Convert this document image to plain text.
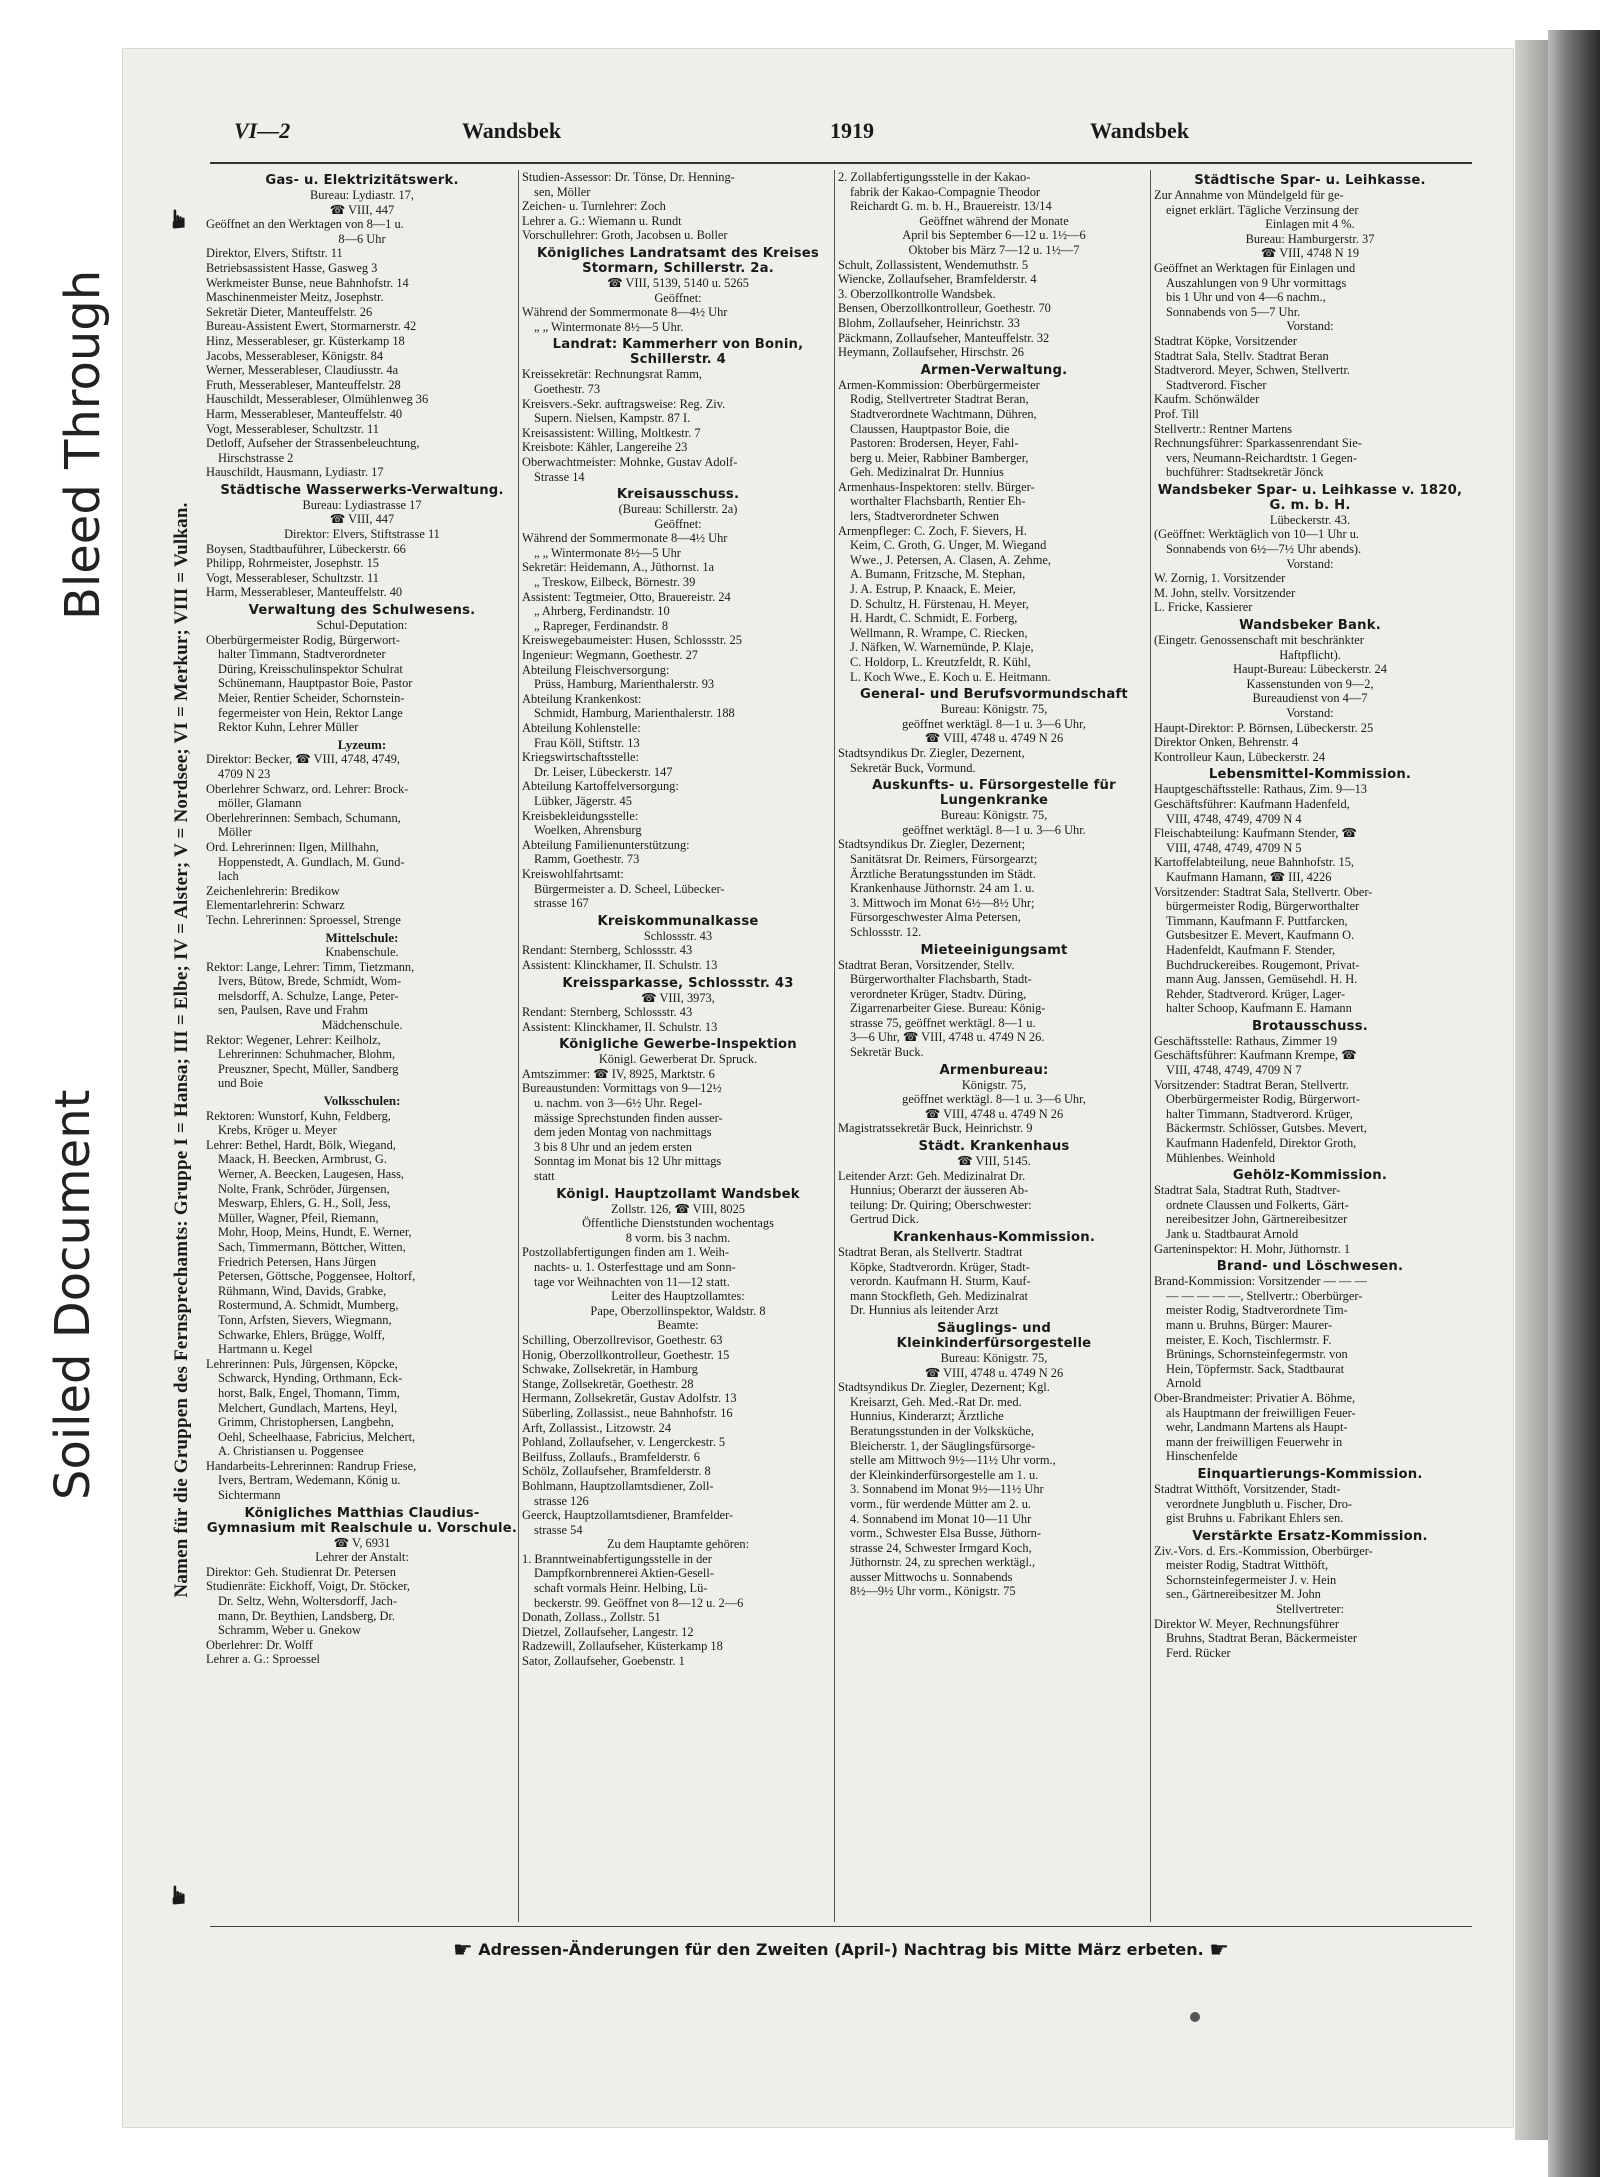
Bleed Through
Soiled Document	Namen für die Gruppen des Fernsprechamts: Gruppe I = Hansa; III = Elbe; IV = Alster; V = Nordsee; VI = Merkur; VIII = Vulkan.
☛
☛
VI—2	Wandsbek	1919	Wandsbek
Gas- u. Elektrizitätswerk.
Bureau: Lydiastr. 17,
☎ VIII, 447
Geöffnet an den Werktagen von 8—1 u.
8—6 Uhr
Direktor, Elvers, Stiftstr. 11
Betriebsassistent Hasse, Gasweg 3
Werkmeister Bunse, neue Bahnhofstr. 14
Maschinenmeister Meitz, Josephstr.
Sekretär Dieter, Manteuffelstr. 26
Bureau-Assistent Ewert, Stormarnerstr. 42
Hinz, Messerableser, gr. Küsterkamp 18
Jacobs, Messerableser, Königstr. 84
Werner, Messerableser, Claudiusstr. 4a
Fruth, Messerableser, Manteuffelstr. 28
Hauschildt, Messerableser, Olmühlenweg 36
Harm, Messerableser, Manteuffelstr. 40
Vogt, Messerableser, Schultzstr. 11
Detloff, Aufseher der Strassenbeleuchtung,
Hirschstrasse 2
Hauschildt, Hausmann, Lydiastr. 17
Städtische Wasserwerks-Verwaltung.
Bureau: Lydiastrasse 17
☎ VIII, 447
Direktor: Elvers, Stiftstrasse 11
Boysen, Stadtbauführer, Lübeckerstr. 66
Philipp, Rohrmeister, Josephstr. 15
Vogt, Messerableser, Schultzstr. 11
Harm, Messerableser, Manteuffelstr. 40
Verwaltung des Schulwesens.
Schul-Deputation:
Oberbürgermeister Rodig, Bürgerwort-
halter Timmann, Stadtverordneter
Düring, Kreisschulinspektor Schulrat
Schünemann, Hauptpastor Boie, Pastor
Meier, Rentier Scheider, Schornstein-
fegermeister von Hein, Rektor Lange
Rektor Kuhn, Lehrer Müller
Lyzeum:
Direktor: Becker, ☎ VIII, 4748, 4749,
4709 N 23
Oberlehrer Schwarz, ord. Lehrer: Brock-
möller, Glamann
Oberlehrerinnen: Sembach, Schumann,
Möller
Ord. Lehrerinnen: Ilgen, Millhahn,
Hoppenstedt, A. Gundlach, M. Gund-
lach
Zeichenlehrerin: Bredikow
Elementarlehrerin: Schwarz
Techn. Lehrerinnen: Sproessel, Strenge
Mittelschule:
Knabenschule.
Rektor: Lange, Lehrer: Timm, Tietzmann,
Ivers, Bütow, Brede, Schmidt, Wom-
melsdorff, A. Schulze, Lange, Peter-
sen, Paulsen, Rave und Frahm
Mädchenschule.
Rektor: Wegener, Lehrer: Keilholz,
Lehrerinnen: Schuhmacher, Blohm,
Preuszner, Specht, Müller, Sandberg
und Boie
Volksschulen:
Rektoren: Wunstorf, Kuhn, Feldberg,
Krebs, Kröger u. Meyer
Lehrer: Bethel, Hardt, Bölk, Wiegand,
Maack, H. Beecken, Armbrust, G.
Werner, A. Beecken, Laugesen, Hass,
Nolte, Frank, Schröder, Jürgensen,
Meswarp, Ehlers, G. H., Soll, Jess,
Müller, Wagner, Pfeil, Riemann,
Mohr, Hoop, Meins, Hundt, E. Werner,
Sach, Timmermann, Böttcher, Witten,
Friedrich Petersen, Hans Jürgen
Petersen, Göttsche, Poggensee, Holtorf,
Rühmann, Wind, Davids, Grabke,
Rostermund, A. Schmidt, Mumberg,
Tonn, Arfsten, Sievers, Wiegmann,
Schwarke, Ehlers, Brügge, Wolff,
Hartmann u. Kegel
Lehrerinnen: Puls, Jürgensen, Köpcke,
Schwarck, Hynding, Orthmann, Eck-
horst, Balk, Engel, Thomann, Timm,
Melchert, Gundlach, Martens, Heyl,
Grimm, Christophersen, Langbehn,
Oehl, Scheelhaase, Fabricius, Melchert,
A. Christiansen u. Poggensee
Handarbeits-Lehrerinnen: Randrup Friese,
Ivers, Bertram, Wedemann, König u.
Sichtermann
Königliches Matthias Claudius-Gymnasium mit Realschule u. Vorschule.
☎ V, 6931
Lehrer der Anstalt:
Direktor: Geh. Studienrat Dr. Petersen
Studienräte: Eickhoff, Voigt, Dr. Stöcker,
Dr. Seltz, Wehn, Woltersdorff, Jach-
mann, Dr. Beythien, Landsberg, Dr.
Schramm, Weber u. Gnekow
Oberlehrer: Dr. Wolff
Lehrer a. G.: Sproessel
Studien-Assessor: Dr. Tönse, Dr. Henning-
sen, Möller
Zeichen- u. Turnlehrer: Zoch
Lehrer a. G.: Wiemann u. Rundt
Vorschullehrer: Groth, Jacobsen u. Boller
Königliches Landratsamt des Kreises Stormarn, Schillerstr. 2a.
☎ VIII, 5139, 5140 u. 5265
Geöffnet:
Während der Sommermonate 8—4½ Uhr
„ „ Wintermonate 8½—5 Uhr.
Landrat: Kammerherr von Bonin, Schillerstr. 4
Kreissekretär: Rechnungsrat Ramm,
Goethestr. 73
Kreisvers.-Sekr. auftragsweise: Reg. Ziv.
Supern. Nielsen, Kampstr. 87 I.
Kreisassistent: Willing, Moltkestr. 7
Kreisbote: Kähler, Langereihe 23
Oberwachtmeister: Mohnke, Gustav Adolf-
Strasse 14
Kreisausschuss.
(Bureau: Schillerstr. 2a)
Geöffnet:
Während der Sommermonate 8—4½ Uhr
„ „ Wintermonate 8½—5 Uhr
Sekretär: Heidemann, A., Jüthornst. 1a
„ Treskow, Eilbeck, Börnestr. 39
Assistent: Tegtmeier, Otto, Brauereistr. 24
„ Ahrberg, Ferdinandstr. 10
„ Rapreger, Ferdinandstr. 8
Kreiswegebaumeister: Husen, Schlossstr. 25
Ingenieur: Wegmann, Goethestr. 27
Abteilung Fleischversorgung:
Prüss, Hamburg, Marienthalerstr. 93
Abteilung Krankenkost:
Schmidt, Hamburg, Marienthalerstr. 188
Abteilung Kohlenstelle:
Frau Köll, Stiftstr. 13
Kriegswirtschaftsstelle:
Dr. Leiser, Lübeckerstr. 147
Abteilung Kartoffelversorgung:
Lübker, Jägerstr. 45
Kreisbekleidungsstelle:
Woelken, Ahrensburg
Abteilung Familienunterstützung:
Ramm, Goethestr. 73
Kreiswohlfahrtsamt:
Bürgermeister a. D. Scheel, Lübecker-
strasse 167
Kreiskommunalkasse
Schlossstr. 43
Rendant: Sternberg, Schlossstr. 43
Assistent: Klinckhamer, II. Schulstr. 13
Kreissparkasse, Schlossstr. 43
☎ VIII, 3973,
Rendant: Sternberg, Schlossstr. 43
Assistent: Klinckhamer, II. Schulstr. 13
Königliche Gewerbe-Inspektion
Königl. Gewerberat Dr. Spruck.
Amtszimmer: ☎ IV, 8925, Marktstr. 6
Bureaustunden: Vormittags von 9—12½
u. nachm. von 3—6½ Uhr. Regel-
mässige Sprechstunden finden ausser-
dem jeden Montag von nachmittags
3 bis 8 Uhr und an jedem ersten
Sonntag im Monat bis 12 Uhr mittags
statt
Königl. Hauptzollamt Wandsbek
Zollstr. 126, ☎ VIII, 8025
Öffentliche Dienststunden wochentags
8 vorm. bis 3 nachm.
Postzollabfertigungen finden am 1. Weih-
nachts- u. 1. Osterfesttage und am Sonn-
tage vor Weihnachten von 11—12 statt.
Leiter des Hauptzollamtes:
Pape, Oberzollinspektor, Waldstr. 8
Beamte:
Schilling, Oberzollrevisor, Goethestr. 63
Honig, Oberzollkontrolleur, Goethestr. 15
Schwake, Zollsekretär, in Hamburg
Stange, Zollsekretär, Goethestr. 28
Hermann, Zollsekretär, Gustav Adolfstr. 13
Süberling, Zollassist., neue Bahnhofstr. 16
Arft, Zollassist., Litzowstr. 24
Pohland, Zollaufseher, v. Lengerckestr. 5
Beilfuss, Zollaufs., Bramfelderstr. 6
Schölz, Zollaufseher, Bramfelderstr. 8
Bohlmann, Hauptzollamtsdiener, Zoll-
strasse 126
Geerck, Hauptzollamtsdiener, Bramfelder-
strasse 54
Zu dem Hauptamte gehören:
1. Branntweinabfertigungsstelle in der
Dampfkornbrennerei Aktien-Gesell-
schaft vormals Heinr. Helbing, Lü-
beckerstr. 99. Geöffnet von 8—12 u. 2—6
Donath, Zollass., Zollstr. 51
Dietzel, Zollaufseher, Langestr. 12
Radzewill, Zollaufseher, Küsterkamp 18
Sator, Zollaufseher, Goebenstr. 1
2. Zollabfertigungsstelle in der Kakao-
fabrik der Kakao-Compagnie Theodor
Reichardt G. m. b. H., Brauereistr. 13/14
Geöffnet während der Monate
April bis September 6—12 u. 1½—6
Oktober bis März 7—12 u. 1½—7
Schult, Zollassistent, Wendemuthstr. 5
Wiencke, Zollaufseher, Bramfelderstr. 4
3. Oberzollkontrolle Wandsbek.
Bensen, Oberzollkontrolleur, Goethestr. 70
Blohm, Zollaufseher, Heinrichstr. 33
Päckmann, Zollaufseher, Manteuffelstr. 32
Heymann, Zollaufseher, Hirschstr. 26
Armen-Verwaltung.
Armen-Kommission: Oberbürgermeister
Rodig, Stellvertreter Stadtrat Beran,
Stadtverordnete Wachtmann, Dühren,
Claussen, Hauptpastor Boie, die
Pastoren: Brodersen, Heyer, Fahl-
berg u. Meier, Rabbiner Bamberger,
Geh. Medizinalrat Dr. Hunnius
Armenhaus-Inspektoren: stellv. Bürger-
worthalter Flachsbarth, Rentier Eh-
lers, Stadtverordneter Schwen
Armenpfleger: C. Zoch, F. Sievers, H.
Keim, C. Groth, G. Unger, M. Wiegand
Wwe., J. Petersen, A. Clasen, A. Zehme,
A. Bumann, Fritzsche, M. Stephan,
J. A. Estrup, P. Knaack, E. Meier,
D. Schultz, H. Fürstenau, H. Meyer,
H. Hardt, C. Schmidt, E. Forberg,
Wellmann, R. Wrampe, C. Riecken,
J. Näfken, W. Warnemünde, P. Klaje,
C. Holdorp, L. Kreutzfeldt, R. Kühl,
L. Koch Wwe., E. Koch u. E. Heitmann.
General- und Berufsvormundschaft
Bureau: Königstr. 75,
geöffnet werktägl. 8—1 u. 3—6 Uhr,
☎ VIII, 4748 u. 4749 N 26
Stadtsyndikus Dr. Ziegler, Dezernent,
Sekretär Buck, Vormund.
Auskunfts- u. Fürsorgestelle für Lungenkranke
Bureau: Königstr. 75,
geöffnet werktägl. 8—1 u. 3—6 Uhr.
Stadtsyndikus Dr. Ziegler, Dezernent;
Sanitätsrat Dr. Reimers, Fürsorgearzt;
Ärztliche Beratungsstunden im Städt.
Krankenhause Jüthornstr. 24 am 1. u.
3. Mittwoch im Monat 6½—8½ Uhr;
Fürsorgeschwester Alma Petersen,
Schlossstr. 12.
Mieteeinigungsamt
Stadtrat Beran, Vorsitzender, Stellv.
Bürgerworthalter Flachsbarth, Stadt-
verordneter Krüger, Stadtv. Düring,
Zigarrenarbeiter Giese. Bureau: König-
strasse 75, geöffnet werktägl. 8—1 u.
3—6 Uhr, ☎ VIII, 4748 u. 4749 N 26.
Sekretär Buck.
Armenbureau:
Königstr. 75,
geöffnet werktägl. 8—1 u. 3—6 Uhr,
☎ VIII, 4748 u. 4749 N 26
Magistratssekretär Buck, Heinrichstr. 9
Städt. Krankenhaus
☎ VIII, 5145.
Leitender Arzt: Geh. Medizinalrat Dr.
Hunnius; Oberarzt der äusseren Ab-
teilung: Dr. Quiring; Oberschwester:
Gertrud Dick.
Krankenhaus-Kommission.
Stadtrat Beran, als Stellvertr. Stadtrat
Köpke, Stadtverordn. Krüger, Stadt-
verordn. Kaufmann H. Sturm, Kauf-
mann Stockfleth, Geh. Medizinalrat
Dr. Hunnius als leitender Arzt
Säuglings- und Kleinkinderfürsorgestelle
Bureau: Königstr. 75,
☎ VIII, 4748 u. 4749 N 26
Stadtsyndikus Dr. Ziegler, Dezernent; Kgl.
Kreisarzt, Geh. Med.-Rat Dr. med.
Hunnius, Kinderarzt; Ärztliche
Beratungsstunden in der Volksküche,
Bleicherstr. 1, der Säuglingsfürsorge-
stelle am Mittwoch 9½—11½ Uhr vorm.,
der Kleinkinderfürsorgestelle am 1. u.
3. Sonnabend im Monat 9½—11½ Uhr
vorm., für werdende Mütter am 2. u.
4. Sonnabend im Monat 10—11 Uhr
vorm., Schwester Elsa Busse, Jüthorn-
strasse 24, Schwester Irmgard Koch,
Jüthornstr. 24, zu sprechen werktägl.,
ausser Mittwochs u. Sonnabends
8½—9½ Uhr vorm., Königstr. 75
Städtische Spar- u. Leihkasse.
Zur Annahme von Mündelgeld für ge-
eignet erklärt. Tägliche Verzinsung der
Einlagen mit 4 %.
Bureau: Hamburgerstr. 37
☎ VIII, 4748 N 19
Geöffnet an Werktagen für Einlagen und
Auszahlungen von 9 Uhr vormittags
bis 1 Uhr und von 4—6 nachm.,
Sonnabends von 5—7 Uhr.
Vorstand:
Stadtrat Köpke, Vorsitzender
Stadtrat Sala, Stellv. Stadtrat Beran
Stadtverord. Meyer, Schwen, Stellvertr.
Stadtverord. Fischer
Kaufm. Schönwälder
Prof. Till
Stellvertr.: Rentner Martens
Rechnungsführer: Sparkassenrendant Sie-
vers, Neumann-Reichardtstr. 1 Gegen-
buchführer: Stadtsekretär Jönck
Wandsbeker Spar- u. Leihkasse v. 1820, G. m. b. H.
Lübeckerstr. 43.
(Geöffnet: Werktäglich von 10—1 Uhr u.
Sonnabends von 6½—7½ Uhr abends).
Vorstand:
W. Zornig, 1. Vorsitzender
M. John, stellv. Vorsitzender
L. Fricke, Kassierer
Wandsbeker Bank.
(Eingetr. Genossenschaft mit beschränkter
Haftpflicht).
Haupt-Bureau: Lübeckerstr. 24
Kassenstunden von 9—2,
Bureaudienst von 4—7
Vorstand:
Haupt-Direktor: P. Börnsen, Lübeckerstr. 25
Direktor Onken, Behrenstr. 4
Kontrolleur Kaun, Lübeckerstr. 24
Lebensmittel-Kommission.
Hauptgeschäftsstelle: Rathaus, Zim. 9—13
Geschäftsführer: Kaufmann Hadenfeld,
VIII, 4748, 4749, 4709 N 4
Fleischabteilung: Kaufmann Stender, ☎
VIII, 4748, 4749, 4709 N 5
Kartoffelabteilung, neue Bahnhofstr. 15,
Kaufmann Hamann, ☎ III, 4226
Vorsitzender: Stadtrat Sala, Stellvertr. Ober-
bürgermeister Rodig, Bürgerworthalter
Timmann, Kaufmann F. Puttfarcken,
Gutsbesitzer E. Mevert, Kaufmann O.
Hadenfeldt, Kaufmann F. Stender,
Buchdruckereibes. Rougemont, Privat-
mann Aug. Janssen, Gemüsehdl. H. H.
Rehder, Stadtverord. Krüger, Lager-
halter Schoop, Kaufmann E. Hamann
Brotausschuss.
Geschäftsstelle: Rathaus, Zimmer 19
Geschäftsführer: Kaufmann Krempe, ☎
VIII, 4748, 4749, 4709 N 7
Vorsitzender: Stadtrat Beran, Stellvertr.
Oberbürgermeister Rodig, Bürgerwort-
halter Timmann, Stadtverord. Krüger,
Bäckermstr. Schlösser, Gutsbes. Mevert,
Kaufmann Hadenfeld, Direktor Groth,
Mühlenbes. Weinhold
Gehölz-Kommission.
Stadtrat Sala, Stadtrat Ruth, Stadtver-
ordnete Claussen und Folkerts, Gärt-
nereibesitzer John, Gärtnereibesitzer
Jank u. Stadtbaurat Arnold
Garteninspektor: H. Mohr, Jüthornstr. 1
Brand- und Löschwesen.
Brand-Kommission: Vorsitzender — — —
— — — — —, Stellvertr.: Oberbürger-
meister Rodig, Stadtverordnete Tim-
mann u. Bruhns, Bürger: Maurer-
meister, E. Koch, Tischlermstr. F.
Brünings, Schornsteinfegermstr. von
Hein, Töpfermstr. Sack, Stadtbaurat
Arnold
Ober-Brandmeister: Privatier A. Böhme,
als Hauptmann der freiwilligen Feuer-
wehr, Landmann Martens als Haupt-
mann der freiwilligen Feuerwehr in
Hinschenfelde
Einquartierungs-Kommission.
Stadtrat Witthöft, Vorsitzender, Stadt-
verordnete Jungbluth u. Fischer, Dro-
gist Bruhns u. Fabrikant Ehlers sen.
Verstärkte Ersatz-Kommission.
Ziv.-Vors. d. Ers.-Kommission, Oberbürger-
meister Rodig, Stadtrat Witthöft,
Schornsteinfegermeister J. v. Hein
sen., Gärtnereibesitzer M. John
Stellvertreter:
Direktor W. Meyer, Rechnungsführer
Bruhns, Stadtrat Beran, Bäckermeister
Ferd. Rücker
☛ Adressen-Änderungen für den Zweiten (April-) Nachtrag bis Mitte März erbeten. ☛
